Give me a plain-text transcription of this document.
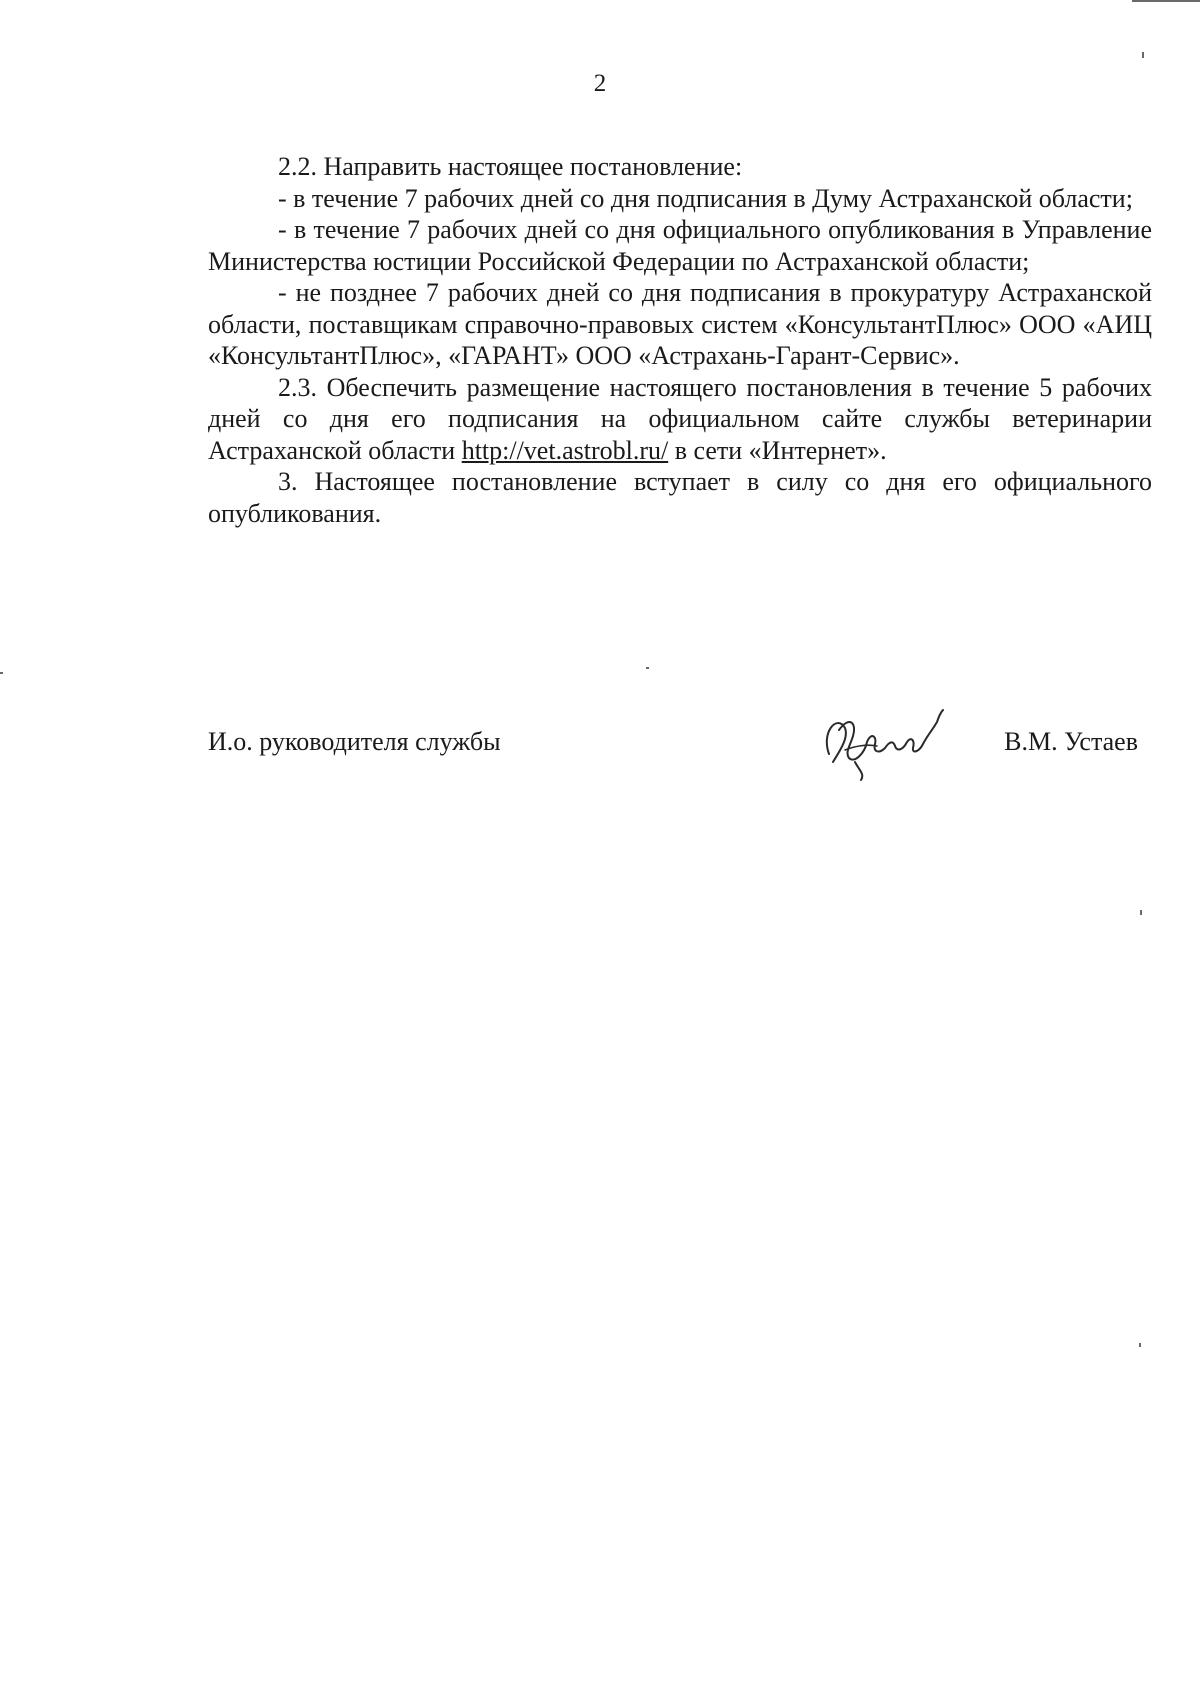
2

2.2. Направить настоящее постановление:

- в течение 7 рабочих дней со дня подписания в Думу Астраханской области;

- в течение 7 рабочих дней со дня официального опубликования в Управление Министерства юстиции Российской Федерации по Астраханской области;

- не позднее 7 рабочих дней со дня подписания в прокуратуру Астраханской области, поставщикам справочно-правовых систем «КонсультантПлюс» ООО «АИЦ «КонсультантПлюс», «ГАРАНТ» ООО «Астрахань-Гарант-Сервис».

2.3. Обеспечить размещение настоящего постановления в течение 5 рабочих дней со дня его подписания на официальном сайте службы ветеринарии Астраханской области http://vet.astrobl.ru/ в сети «Интернет».

3. Настоящее постановление вступает в силу со дня его официального опубликования.

И.о. руководителя службы	В.М. Устаев
